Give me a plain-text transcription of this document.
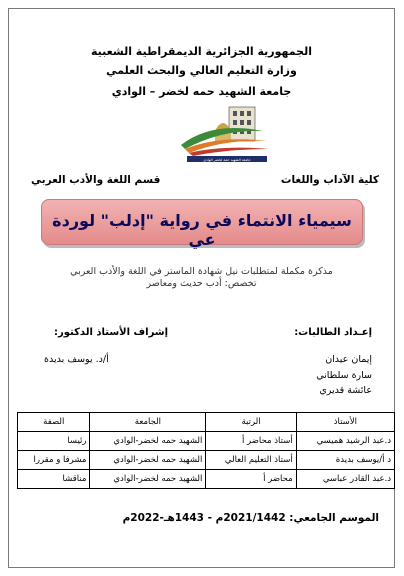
الجمهورية الجزائرية الديمقراطية الشعبية
وزارة التعليم العالي والبحث العلمي
جامعة الشهيد حمه لخضر – الوادي
جامعة الشهيد حمة لخضر الوادي
كلية الآداب واللغات
قسم اللغة والأدب العربي
سيمياء الانتماء في رواية "إدلب" لوردة عي
مذكرة مكملة لمتطلبات نيل شهادة الماستر في اللغة والأدب العربي
تخصص: أدب حديث ومعاصر
إعـداد الطالبات:
إشراف الأستاذ الدكتور:
إيمان عيدان
سارة سلطاني
عائشة قديري
أ/د. يوسف بديدة
الأستاذ	الرتبة	الجامعة	الصفة
د.عبد الرشيد هميسي	أستاذ محاضر أ	الشهيد حمه لخضر-الوادي	رئيسا
د أ/يوسف بديدة	أستاذ التعليم العالي	الشهيد حمه لخضر-الوادي	مشرفا و مقررا
د.عبد القادر عباسي	محاضر أ	الشهيد حمه لخضر-الوادي	مناقشا
الموسم الجامعي: 2021/1442م - 1443هـ-2022م
